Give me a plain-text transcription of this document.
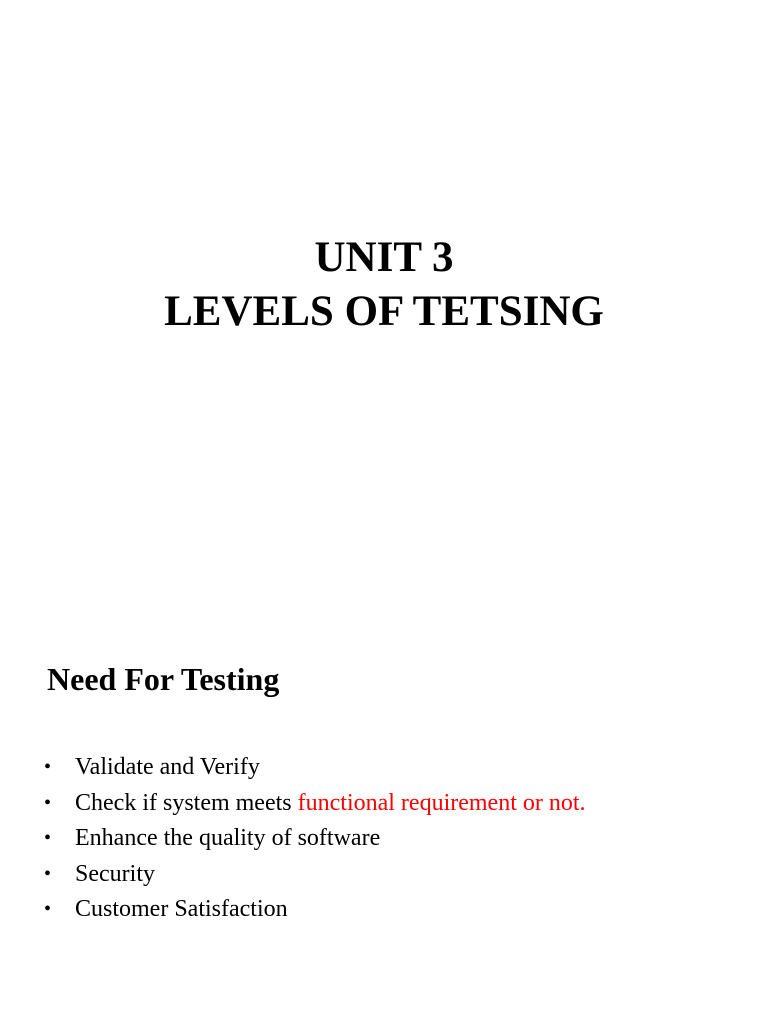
UNIT 3
LEVELS OF TETSING
Need For Testing
• Validate and Verify
• Check if system meets functional requirement or not.
• Enhance the quality of software
• Security
• Customer Satisfaction
